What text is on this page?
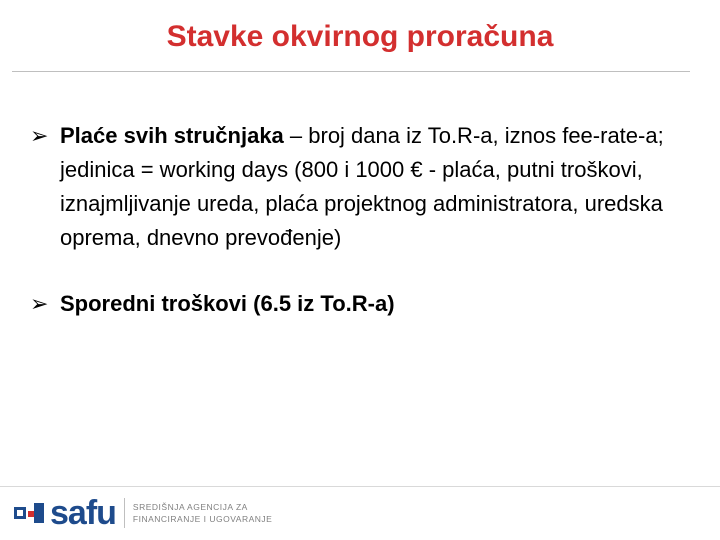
Stavke okvirnog proračuna
➢ Plaće svih stručnjaka – broj dana iz To.R-a, iznos fee-rate-a; jedinica = working days (800 i 1000 € - plaća, putni troškovi, iznajmljivanje ureda, plaća projektnog administratora, uredska oprema, dnevno prevođenje)
➢ Sporedni troškovi (6.5 iz To.R-a)
safu SREDIŠNJA AGENCIJA ZA
FINANCIRANJE I UGOVARANJE
